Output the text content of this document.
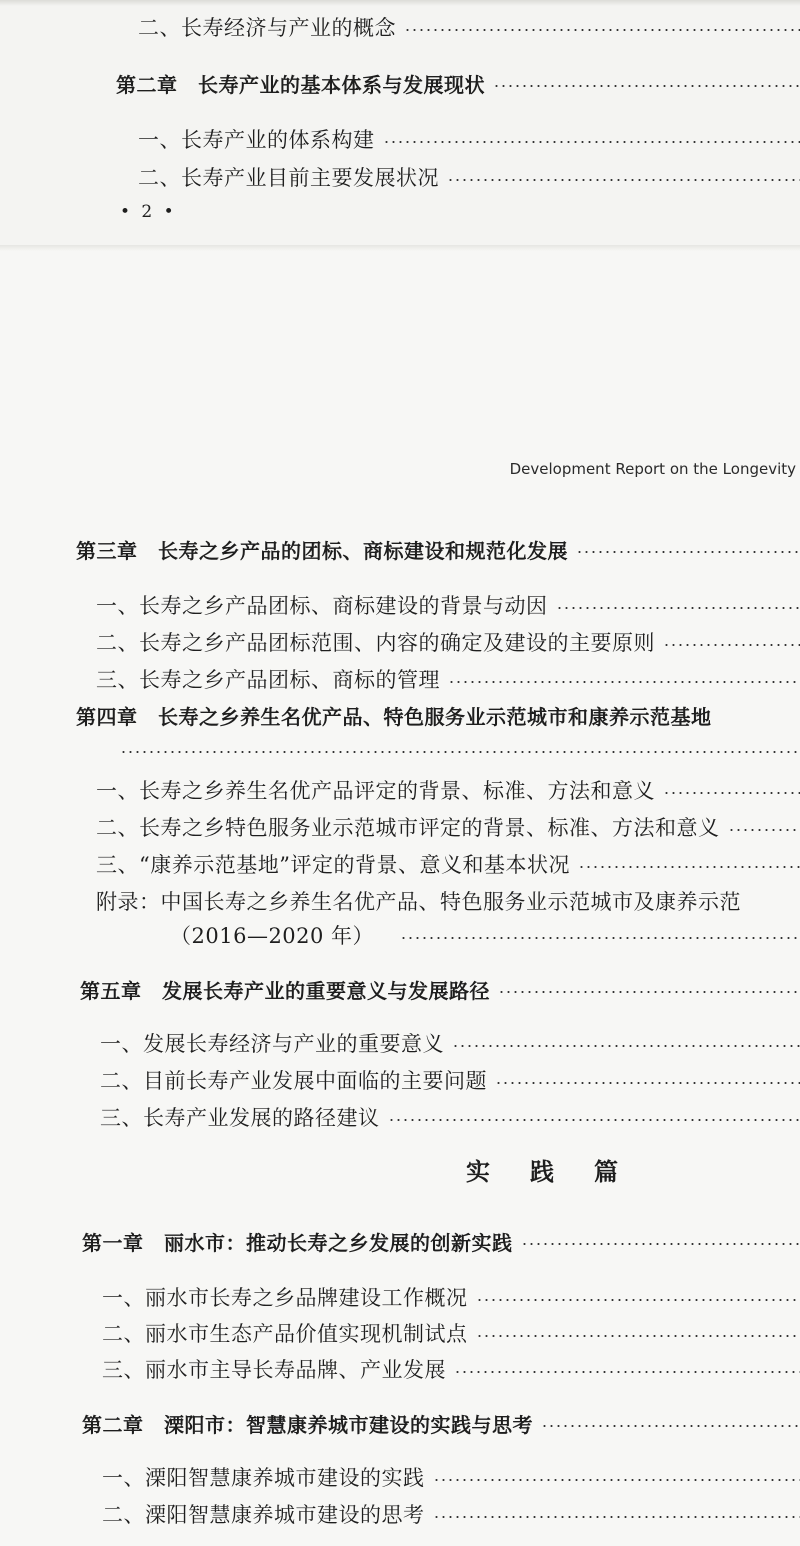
二、长寿经济与产业的概念
第二章　长寿产业的基本体系与发展现状
一、长寿产业的体系构建
二、长寿产业目前主要发展状况
• 2 •
Development Report on the Longevity
第三章　长寿之乡产品的团标、商标建设和规范化发展
一、长寿之乡产品团标、商标建设的背景与动因
二、长寿之乡产品团标范围、内容的确定及建设的主要原则
三、长寿之乡产品团标、商标的管理
第四章　长寿之乡养生名优产品、特色服务业示范城市和康养示范基地
一、长寿之乡养生名优产品评定的背景、标准、方法和意义
二、长寿之乡特色服务业示范城市评定的背景、标准、方法和意义
三、“康养示范基地”评定的背景、意义和基本状况
附录：中国长寿之乡养生名优产品、特色服务业示范城市及康养示范
（2016—2020 年）
第五章　发展长寿产业的重要意义与发展路径
一、发展长寿经济与产业的重要意义
二、目前长寿产业发展中面临的主要问题
三、长寿产业发展的路径建议
实践篇
第一章　丽水市：推动长寿之乡发展的创新实践
一、丽水市长寿之乡品牌建设工作概况
二、丽水市生态产品价值实现机制试点
三、丽水市主导长寿品牌、产业发展
第二章　溧阳市：智慧康养城市建设的实践与思考
一、溧阳智慧康养城市建设的实践
二、溧阳智慧康养城市建设的思考
